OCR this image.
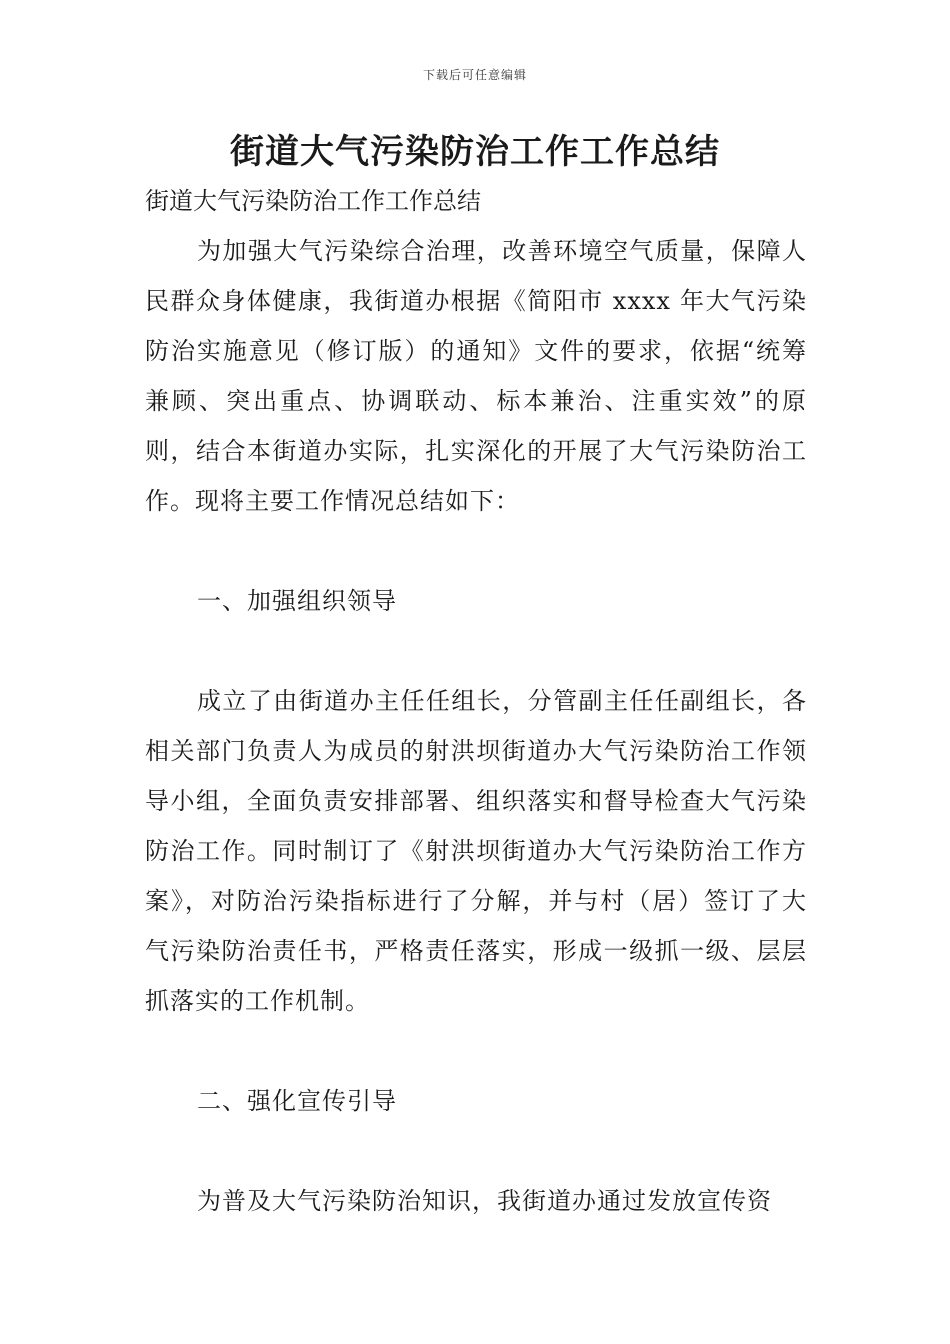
下载后可任意编辑
街道大气污染防治工作工作总结

街道大气污染防治工作工作总结

为加强大气污染综合治理，改善环境空气质量，保障人民群众身体健康，我街道办根据《简阳市 xxxx 年大气污染防治实施意见（修订版）的通知》文件的要求，依据“统筹兼顾、突出重点、协调联动、标本兼治、注重实效”的原则，结合本街道办实际，扎实深化的开展了大气污染防治工作。现将主要工作情况总结如下：

一、加强组织领导

成立了由街道办主任任组长，分管副主任任副组长，各相关部门负责人为成员的射洪坝街道办大气污染防治工作领导小组，全面负责安排部署、组织落实和督导检查大气污染防治工作。同时制订了《射洪坝街道办大气污染防治工作方案》，对防治污染指标进行了分解，并与村（居）签订了大气污染防治责任书，严格责任落实，形成一级抓一级、层层抓落实的工作机制。

二、强化宣传引导

为普及大气污染防治知识，我街道办通过发放宣传资
